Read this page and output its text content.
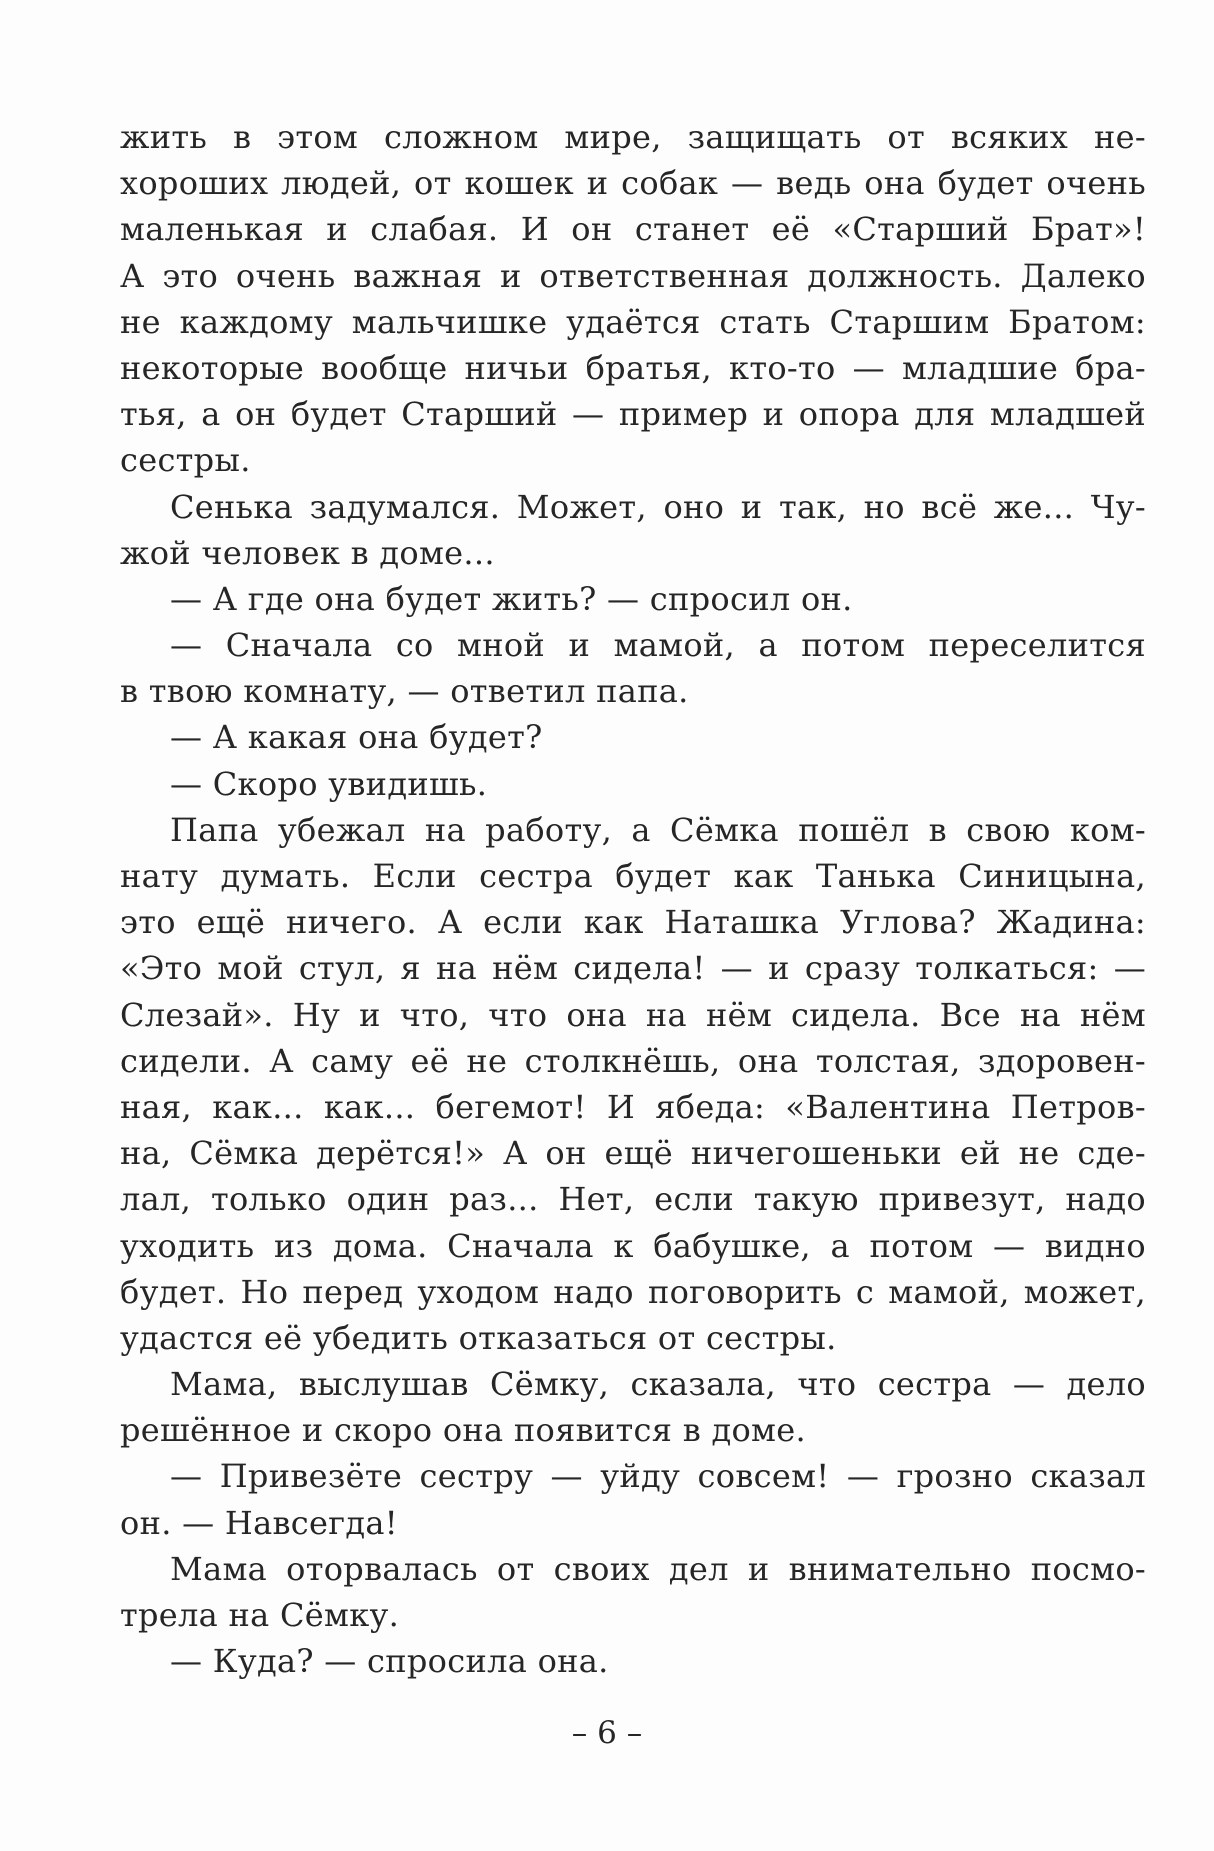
жить в этом сложном мире, защищать от всяких не-
хороших людей, от кошек и собак — ведь она будет очень
маленькая и слабая. И он станет её «Старший Брат»!
А это очень важная и ответственная должность. Далеко
не каждому мальчишке удаётся стать Старшим Братом:
некоторые вообще ничьи братья, кто-то — младшие бра-
тья, а он будет Старший — пример и опора для младшей
сестры.
Сенька задумался. Может, оно и так, но всё же... Чу-
жой человек в доме...
— А где она будет жить? — спросил он.
— Сначала со мной и мамой, а потом переселится
в твою комнату, — ответил папа.
— А какая она будет?
— Скоро увидишь.
Папа убежал на работу, а Сёмка пошёл в свою ком-
нату думать. Если сестра будет как Танька Синицына,
это ещё ничего. А если как Наташка Углова? Жадина:
«Это мой стул, я на нём сидела! — и сразу толкаться: —
Слезай». Ну и что, что она на нём сидела. Все на нём
сидели. А саму её не столкнёшь, она толстая, здоровен-
ная, как... как... бегемот! И ябеда: «Валентина Петров-
на, Сёмка дерётся!» А он ещё ничегошеньки ей не сде-
лал, только один раз... Нет, если такую привезут, надо
уходить из дома. Сначала к бабушке, а потом — видно
будет. Но перед уходом надо поговорить с мамой, может,
удастся её убедить отказаться от сестры.
Мама, выслушав Сёмку, сказала, что сестра — дело
решённое и скоро она появится в доме.
— Привезёте сестру — уйду совсем! — грозно сказал
он. — Навсегда!
Мама оторвалась от своих дел и внимательно посмо-
трела на Сёмку.
— Куда? — спросила она.
– 6 –
